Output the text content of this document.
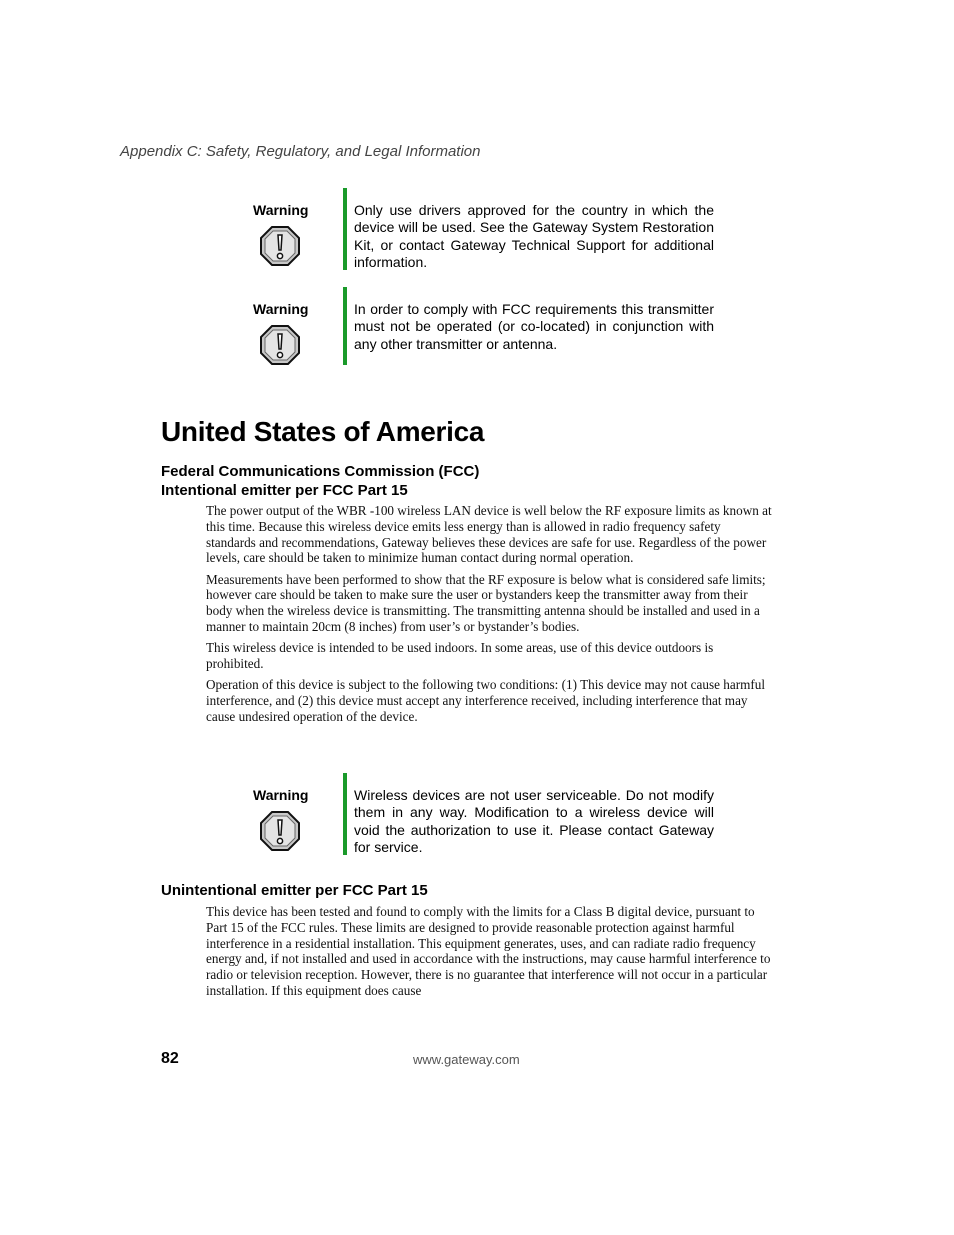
Appendix C: Safety, Regulatory, and Legal Information
Warning	Only use drivers approved for the country in which the device will be used. See the Gateway System Restoration Kit, or contact Gateway Technical Support for additional information.
Warning	In order to comply with FCC requirements this transmitter must not be operated (or co-located) in conjunction with any other transmitter or antenna.
United States of America
Federal Communications Commission (FCC)
Intentional emitter per FCC Part 15

The power output of the WBR -100 wireless LAN device is well below the RF exposure limits as known at this time. Because this wireless device emits less energy than is allowed in radio frequency safety standards and recommendations, Gateway believes these devices are safe for use. Regardless of the power levels, care should be taken to minimize human contact during normal operation.

Measurements have been performed to show that the RF exposure is below what is considered safe limits; however care should be taken to make sure the user or bystanders keep the transmitter away from their body when the wireless device is transmitting. The transmitting antenna should be installed and used in a manner to maintain 20cm (8 inches) from user’s or bystander’s bodies.

This wireless device is intended to be used indoors. In some areas, use of this device outdoors is prohibited.

Operation of this device is subject to the following two conditions: (1) This device may not cause harmful interference, and (2) this device must accept any interference received, including interference that may cause undesired operation of the device.

Warning	Wireless devices are not user serviceable. Do not modify them in any way. Modification to a wireless device will void the authorization to use it. Please contact Gateway for service.
Unintentional emitter per FCC Part 15

This device has been tested and found to comply with the limits for a Class B digital device, pursuant to Part 15 of the FCC rules. These limits are designed to provide reasonable protection against harmful interference in a residential installation. This equipment generates, uses, and can radiate radio frequency energy and, if not installed and used in accordance with the instructions, may cause harmful interference to radio or television reception. However, there is no guarantee that interference will not occur in a particular installation. If this equipment does cause

82	www.gateway.com
